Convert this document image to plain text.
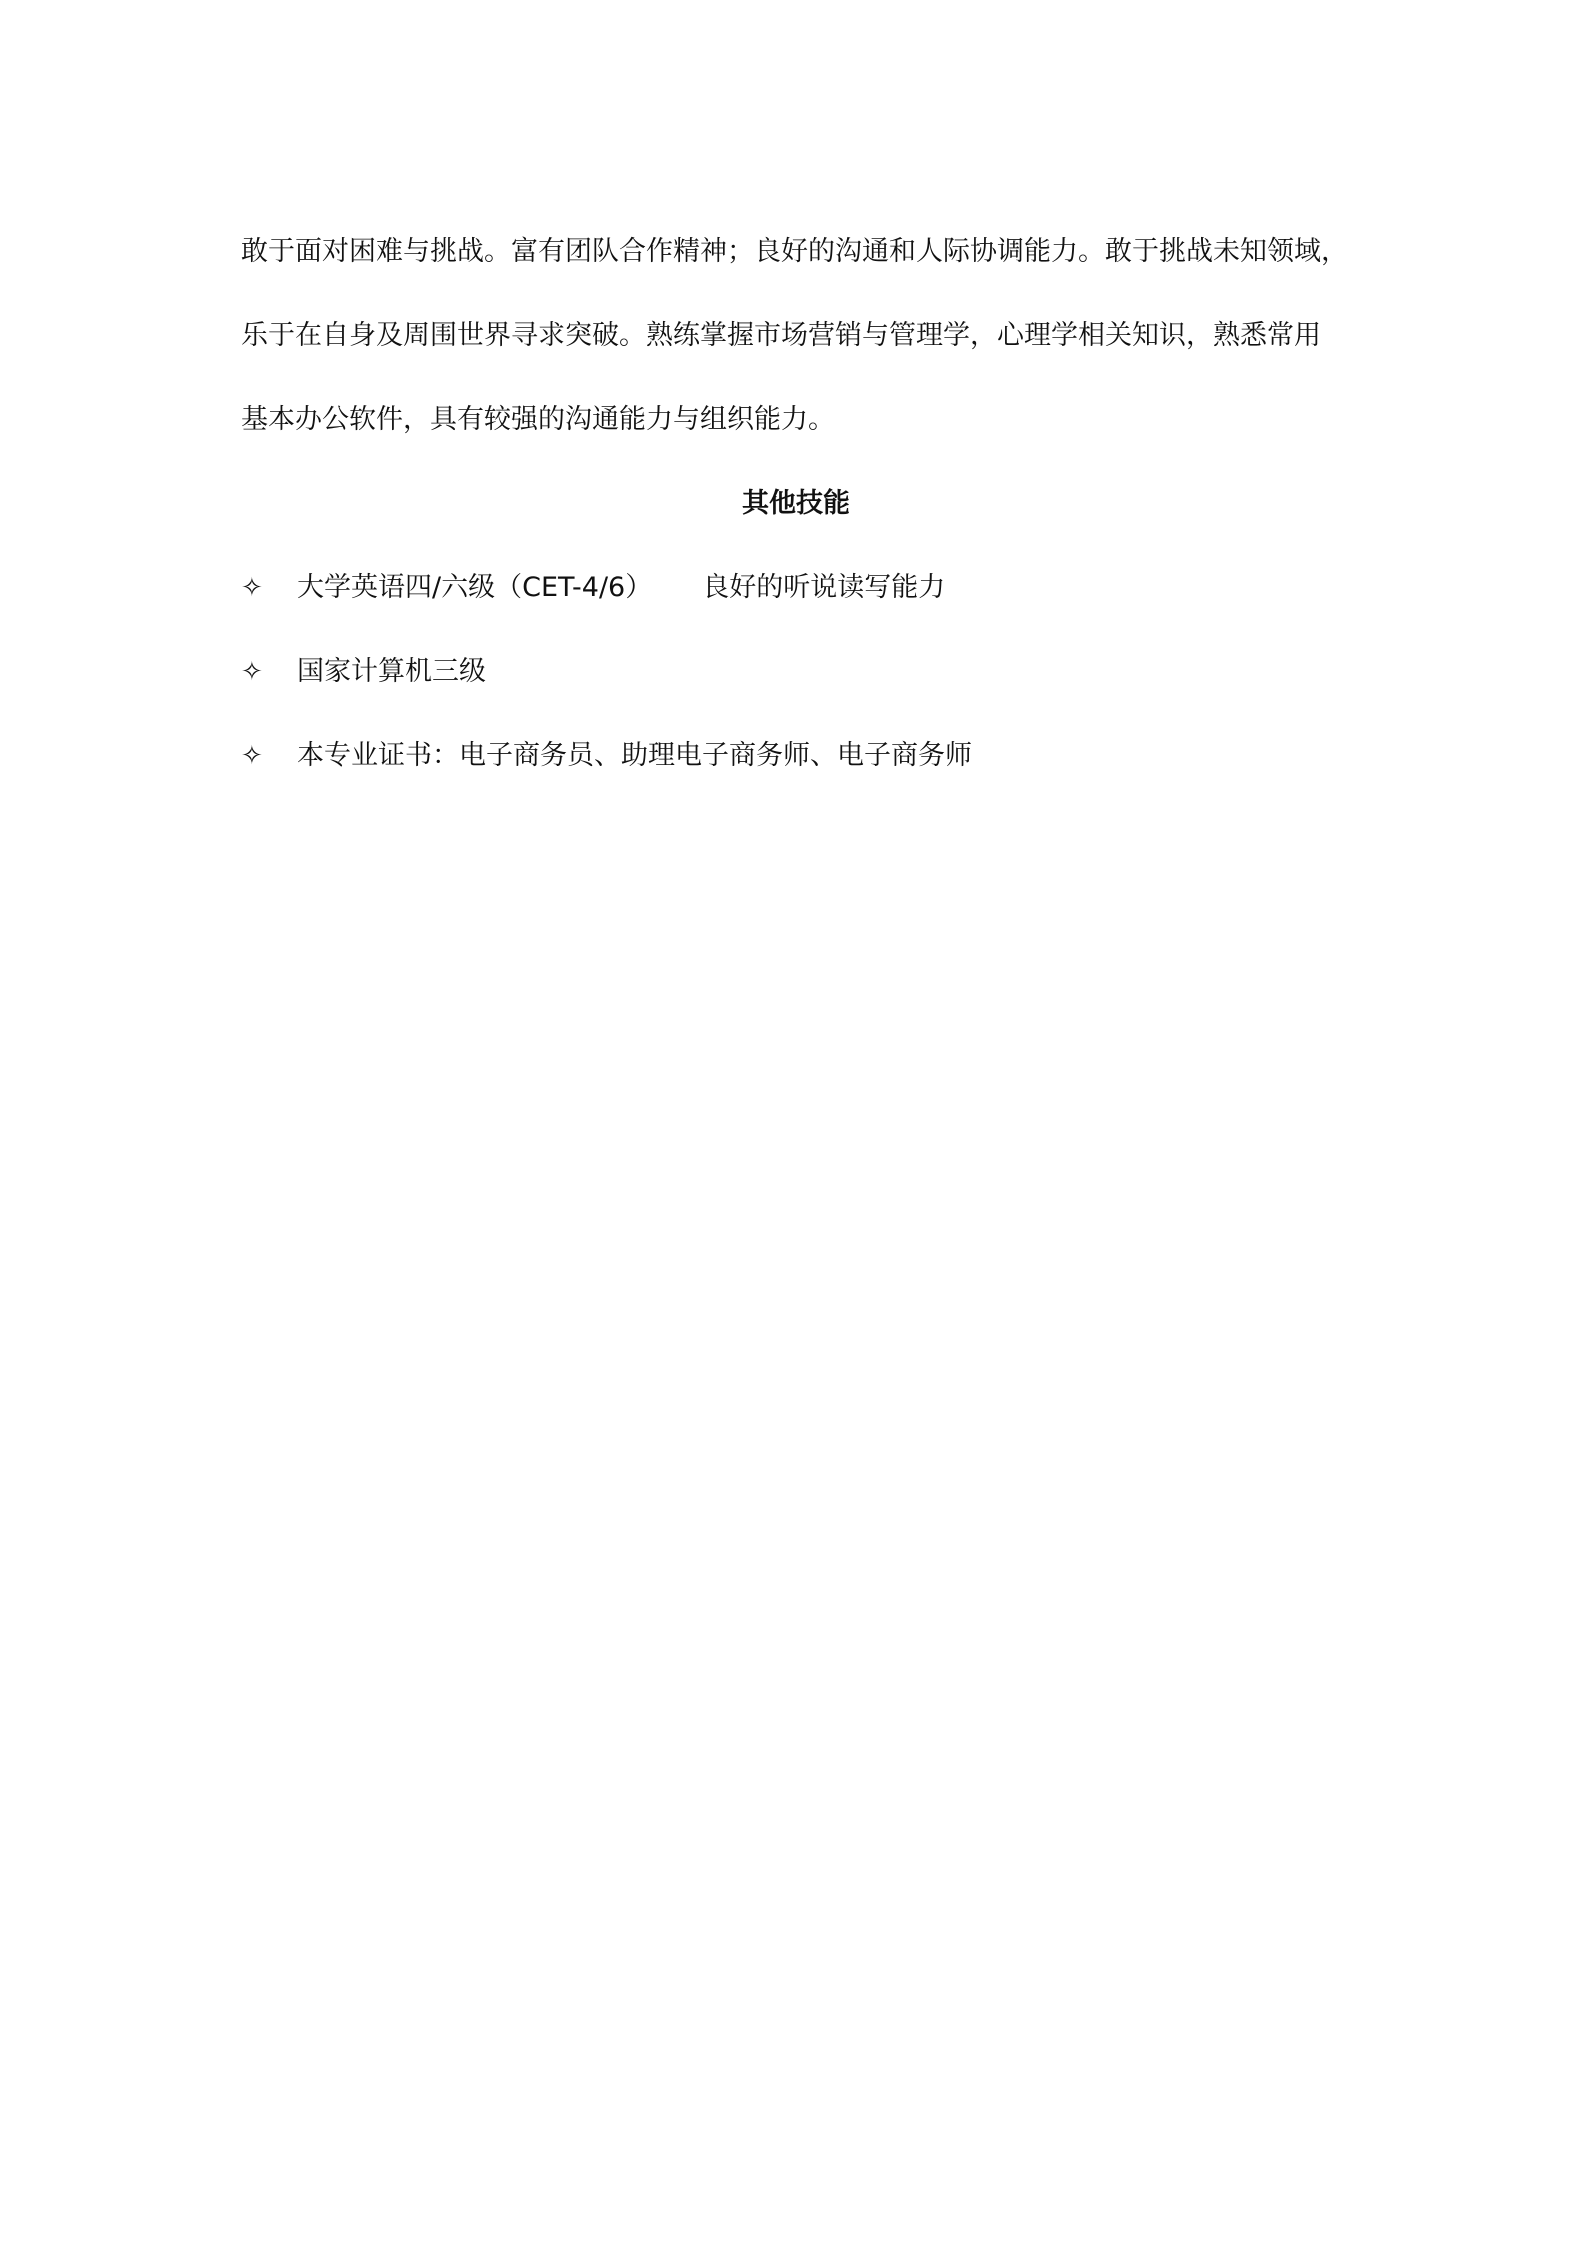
敢于面对困难与挑战。富有团队合作精神；良好的沟通和人际协调能力。敢于挑战未知领域，
乐于在自身及周围世界寻求突破。熟练掌握市场营销与管理学，心理学相关知识，熟悉常用
基本办公软件，具有较强的沟通能力与组织能力。
其他技能
✧	大学英语四/六级（CET-4/6） 良好的听说读写能力
✧	国家计算机三级
✧	本专业证书：电子商务员、助理电子商务师、电子商务师
